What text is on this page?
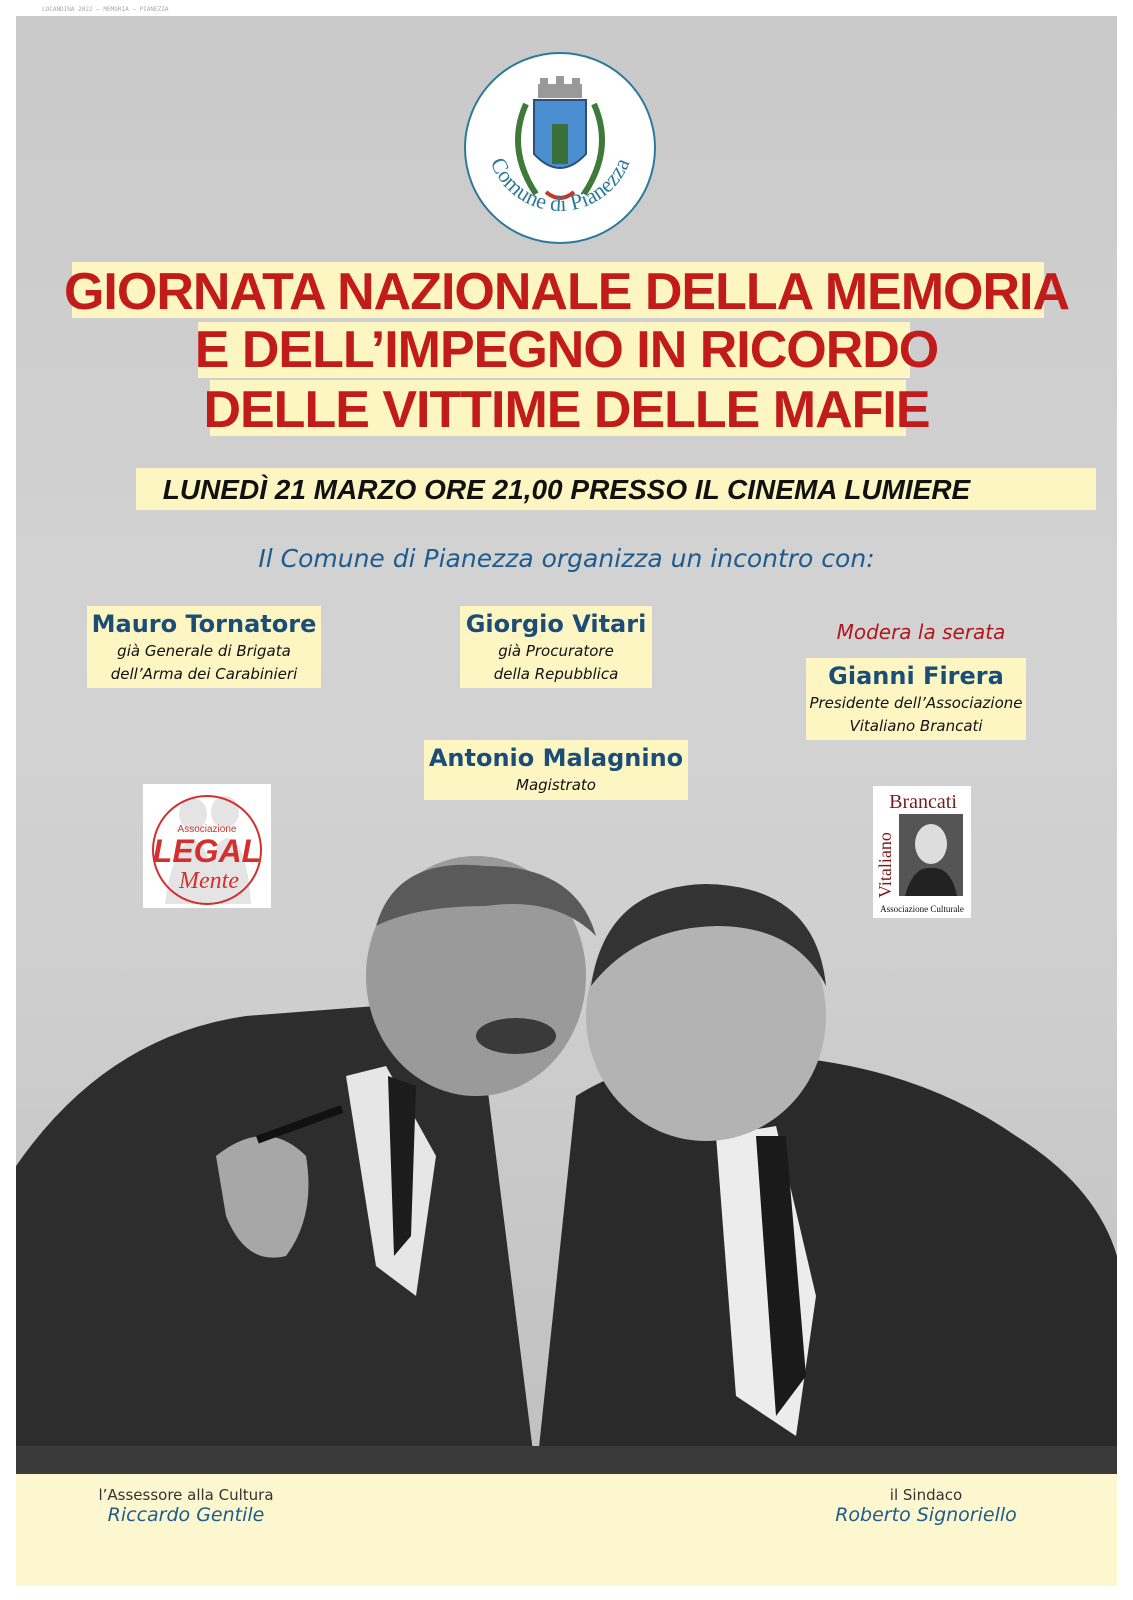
LOCANDINA 2022 — MEMORIA — PIANEZZA
Comune di Pianezza
GIORNATA NAZIONALE DELLA MEMORIA
E DELL’IMPEGNO IN RICORDO
DELLE VITTIME DELLE MAFIE
LUNEDÌ 21 MARZO ORE 21,00 PRESSO IL CINEMA LUMIERE
Il Comune di Pianezza organizza un incontro con:
Mauro Tornatore
già Generale di Brigata
dell’Arma dei Carabinieri
Giorgio Vitari
già Procuratore
della Repubblica
Antonio Malagnino
Magistrato
Modera la serata
Gianni Firera
Presidente dell’Associazione
Vitaliano Brancati
Associazione
LEGAL
Mente
Brancati
Vitaliano
Associazione Culturale
l’Assessore alla Cultura
Riccardo Gentile
il Sindaco
Roberto Signoriello
